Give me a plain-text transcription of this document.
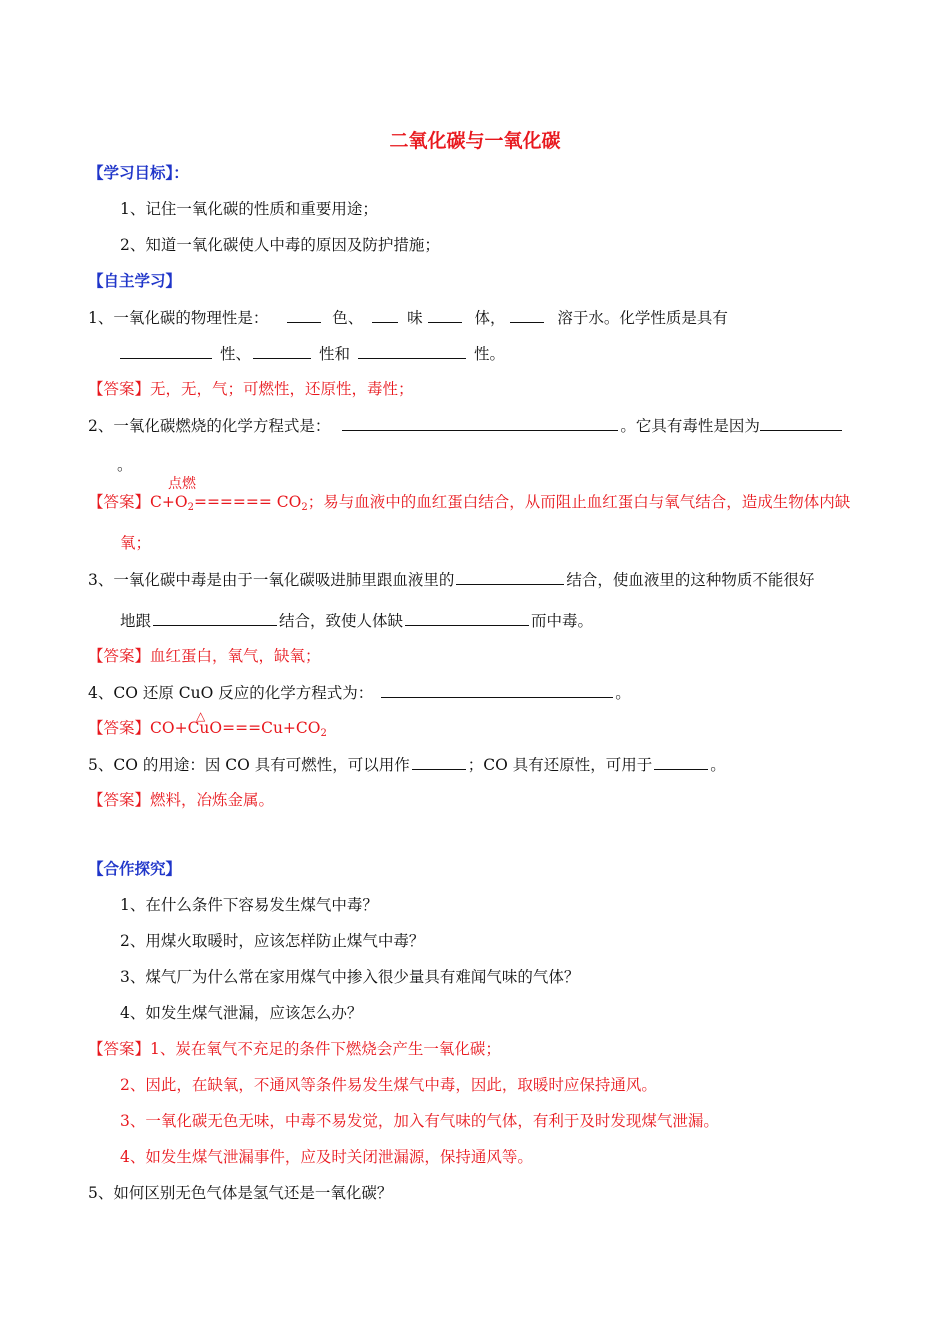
二氧化碳与一氧化碳
【学习目标】：
1、记住一氧化碳的性质和重要用途；
2、知道一氧化碳使人中毒的原因及防护措施；
【自主学习】
1、一氧化碳的物理性是：	色、	味	体，	溶于水。化学性质是具有
性、	性和	性。
【答案】无，无，气；可燃性，还原性，毒性；
2、一氧化碳燃烧的化学方程式是：	。它具有毒性是因为
。
【答案】$C+O_2$
点燃
====== $CO_2$；易与血液中的血红蛋白结合，从而阻止血红蛋白与氧气结合，造成生物体内缺
氧；
3、一氧化碳中毒是由于一氧化碳吸进肺里跟血液里的	结合，使血液里的这种物质不能很好
地跟	结合，致使人体缺	而中毒。
【答案】血红蛋白，氧气，缺氧；
4、CO 还原 CuO 反应的化学方程式为：	。
【答案】CO+CuO
△
$===Cu+CO_2$
5、CO 的用途：因 CO 具有可燃性，可以用作	；CO 具有还原性，可用于	。
【答案】燃料，冶炼金属。
【合作探究】
1、在什么条件下容易发生煤气中毒？
2、用煤火取暖时，应该怎样防止煤气中毒？
3、煤气厂为什么常在家用煤气中掺入很少量具有难闻气味的气体？
4、如发生煤气泄漏，应该怎么办？
【答案】1、炭在氧气不充足的条件下燃烧会产生一氧化碳；
2、因此，在缺氧，不通风等条件易发生煤气中毒，因此，取暖时应保持通风。
3、一氧化碳无色无味，中毒不易发觉，加入有气味的气体，有利于及时发现煤气泄漏。
4、如发生煤气泄漏事件，应及时关闭泄漏源，保持通风等。
5、如何区别无色气体是氢气还是一氧化碳？
